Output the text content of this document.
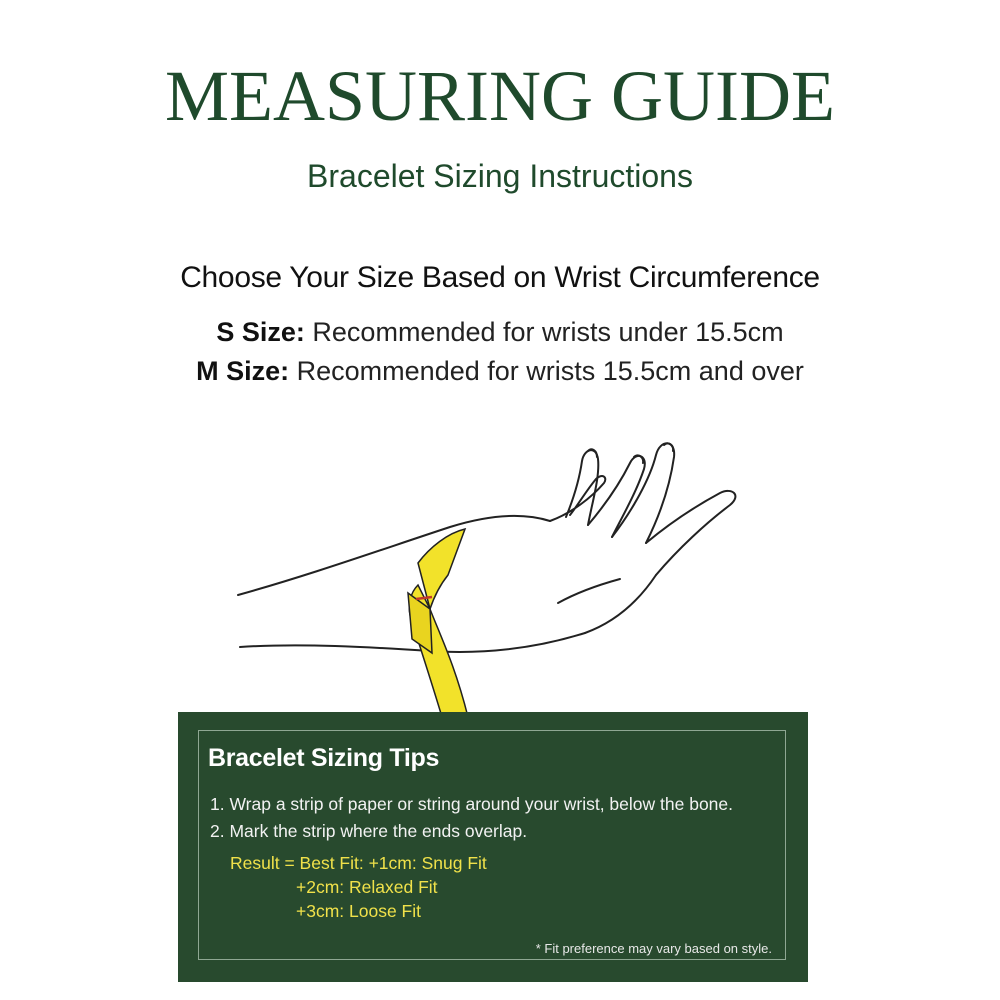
MEASURING GUIDE
Bracelet Sizing Instructions
Choose Your Size Based on Wrist Circumference
S Size: Recommended for wrists under 15.5cm
M Size: Recommended for wrists 15.5cm and over
Bracelet Sizing Tips
1. Wrap a strip of paper or string around your wrist, below the bone.
2. Mark the strip where the ends overlap.
Result = Best Fit: +1cm: Snug Fit
+2cm: Relaxed Fit
+3cm: Loose Fit
* Fit preference may vary based on style.
